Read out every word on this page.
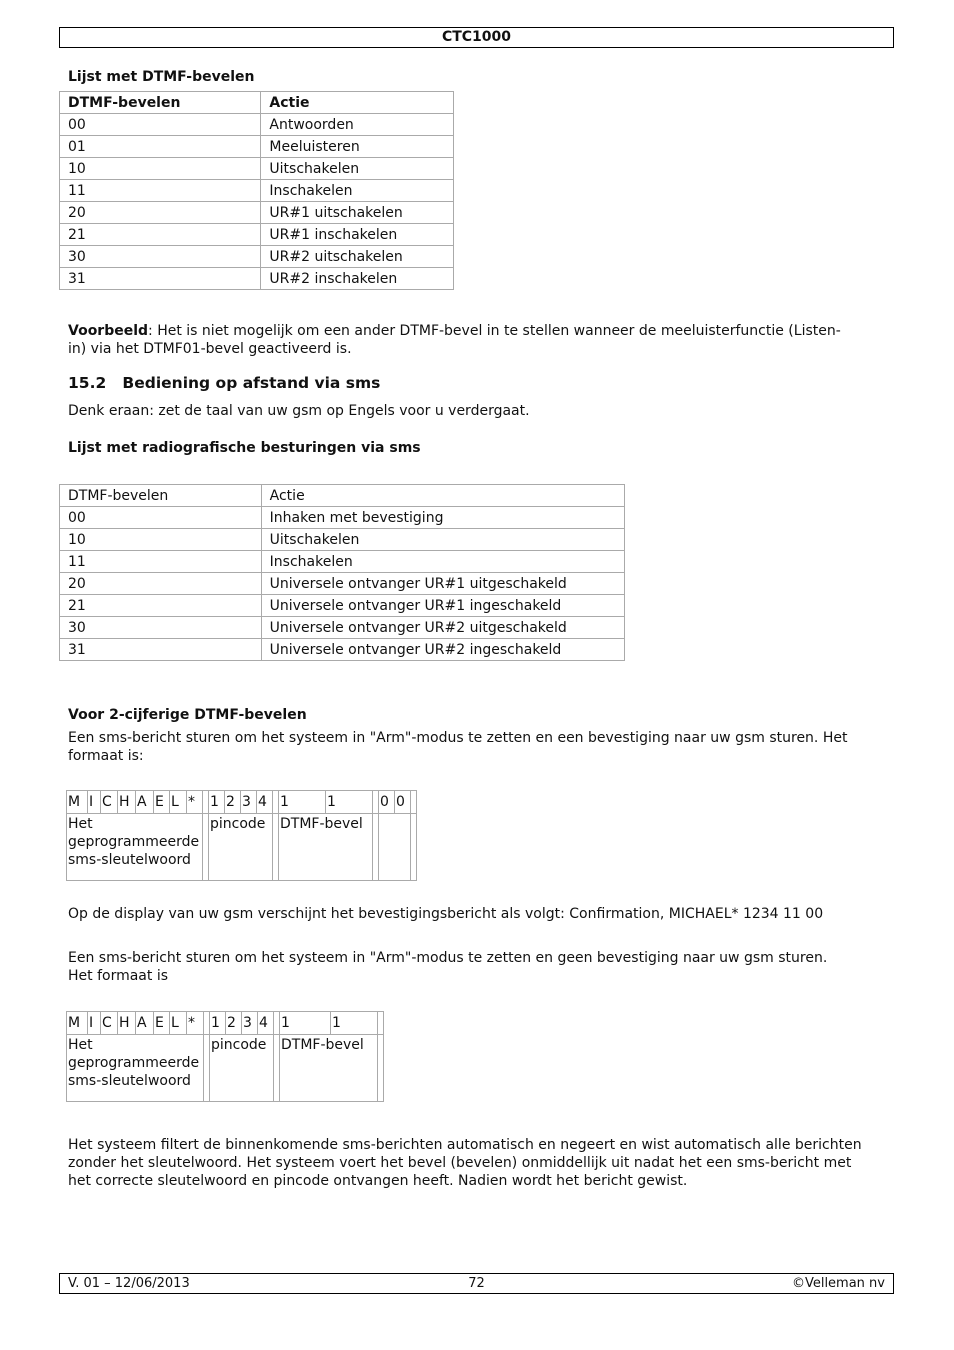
CTC1000
Lijst met DTMF-bevelen
DTMF-bevelen	Actie
00	Antwoorden
01	Meeluisteren
10	Uitschakelen
11	Inschakelen
20	UR#1 uitschakelen
21	UR#1 inschakelen
30	UR#2 uitschakelen
31	UR#2 inschakelen

Voorbeeld: Het is niet mogelijk om een ander DTMF-bevel in te stellen wanneer de meeluisterfunctie (Listen-

in) via het DTMF01-bevel geactiveerd is.

15.2   Bediening op afstand via sms

Denk eraan: zet de taal van uw gsm op Engels voor u verdergaat.

Lijst met radiografische besturingen via sms
DTMF-bevelen	Actie
00	Inhaken met bevestiging
10	Uitschakelen
11	Inschakelen
20	Universele ontvanger UR#1 uitgeschakeld
21	Universele ontvanger UR#1 ingeschakeld
30	Universele ontvanger UR#2 uitgeschakeld
31	Universele ontvanger UR#2 ingeschakeld
Voor 2-cijferige DTMF-bevelen

Een sms-bericht sturen om het systeem in "Arm"-modus te zetten en een bevestiging naar uw gsm sturen. Het

formaat is:

M	I	C	H	A	E	L	*		1	2	3	4		1	1		0	0	

Het
geprogrammeerde
sms-sleutelwoord									pincode					DTMF-bevel					

Op de display van uw gsm verschijnt het bevestigingsbericht als volgt: Confirmation, MICHAEL* 1234 11 00

Een sms-bericht sturen om het systeem in "Arm"-modus te zetten en geen bevestiging naar uw gsm sturen.

Het formaat is

M	I	C	H	A	E	L	*		1	2	3	4		1	1	

Het
geprogrammeerde
sms-sleutelwoord									pincode					DTMF-bevel		

Het systeem filtert de binnenkomende sms-berichten automatisch en negeert en wist automatisch alle berichten

zonder het sleutelwoord. Het systeem voert het bevel (bevelen) onmiddellijk uit nadat het een sms-bericht met

het correcte sleutelwoord en pincode ontvangen heeft. Nadien wordt het bericht gewist.

V. 01 – 12/06/2013	72	©Velleman nv
